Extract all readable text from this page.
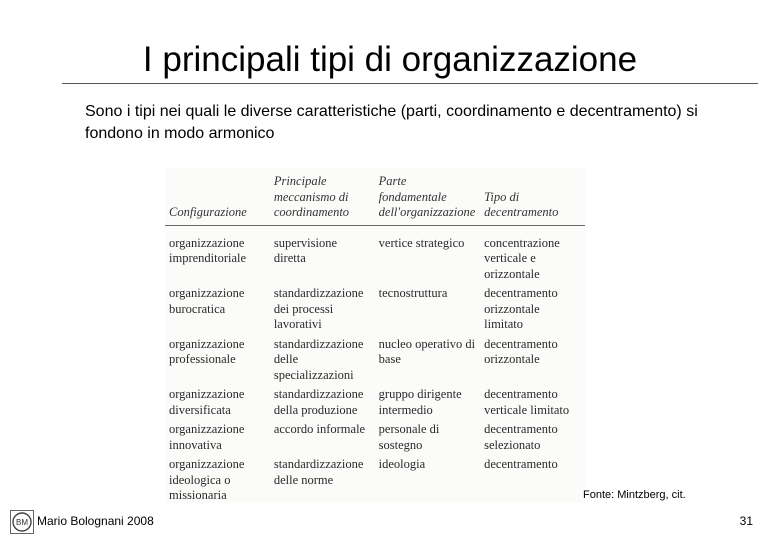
I principali tipi di organizzazione
Sono i tipi nei quali le diverse caratteristiche (parti, coordinamento e decentramento) si fondono in modo armonico
Configurazione	Principale meccanismo di coordinamento	Parte fondamentale dell'organizzazione	Tipo di decentramento
organizzazione imprenditoriale	supervisione diretta	vertice strategico	concentrazione verticale e orizzontale
organizzazione burocratica	standardizzazione dei processi lavorativi	tecnostruttura	decentramento orizzontale limitato
organizzazione professionale	standardizzazione delle specializzazioni	nucleo operativo di base	decentramento orizzontale
organizzazione diversificata	standardizzazione della produzione	gruppo dirigente intermedio	decentramento verticale limitato
organizzazione innovativa	accordo informale	personale di sostegno	decentramento selezionato
organizzazione ideologica o missionaria	standardizzazione delle norme	ideologia	decentramento
Fonte: Mintzberg, cit.
BM Mario Bolognani 2008	31
